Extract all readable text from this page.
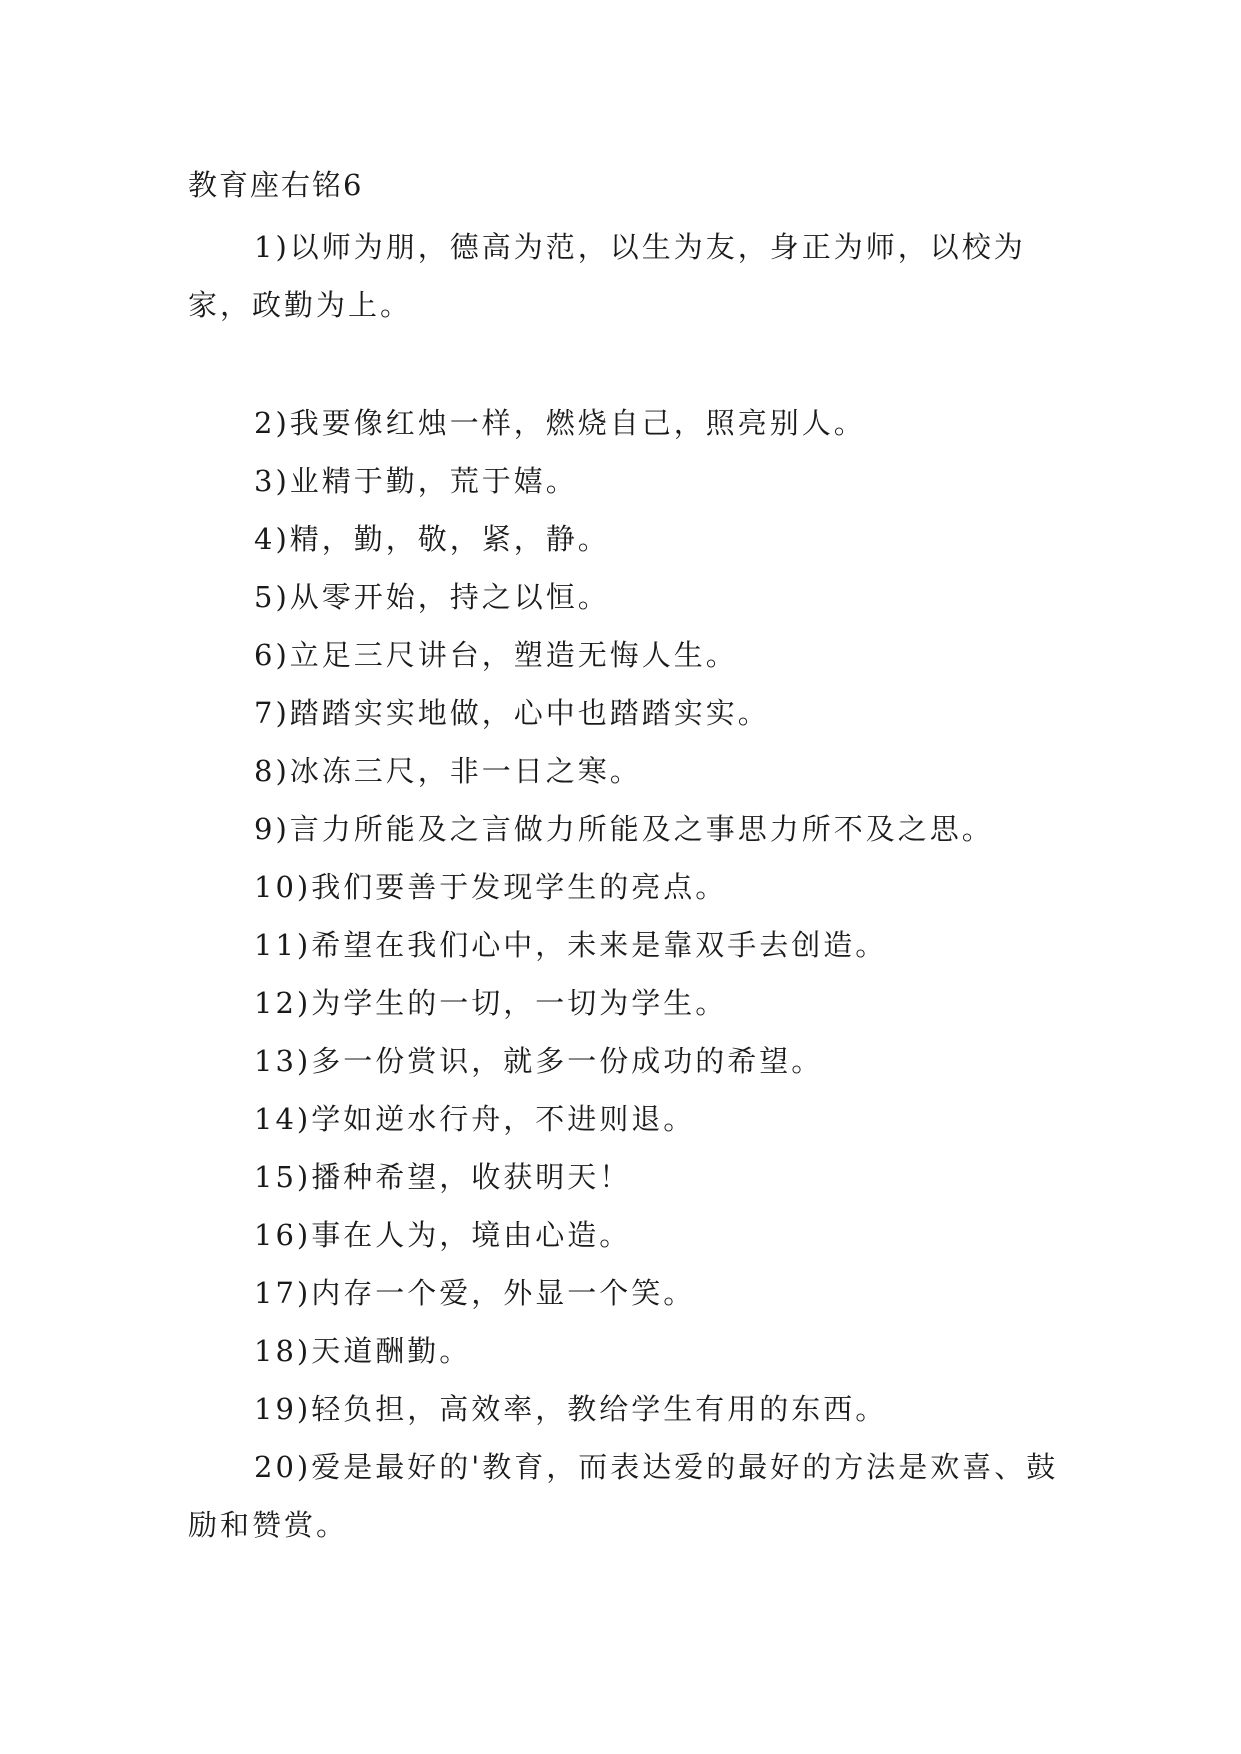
教育座右铭6

1)以师为朋，德高为范，以生为友，身正为师，以校为家，政勤为上。

2)我要像红烛一样，燃烧自己，照亮别人。

3)业精于勤，荒于嬉。

4)精，勤，敬，紧，静。

5)从零开始，持之以恒。

6)立足三尺讲台，塑造无悔人生。

7)踏踏实实地做，心中也踏踏实实。

8)冰冻三尺，非一日之寒。

9)言力所能及之言做力所能及之事思力所不及之思。

10)我们要善于发现学生的亮点。

11)希望在我们心中，未来是靠双手去创造。

12)为学生的一切，一切为学生。

13)多一份赏识，就多一份成功的希望。

14)学如逆水行舟，不进则退。

15)播种希望，收获明天！

16)事在人为，境由心造。

17)内存一个爱，外显一个笑。

18)天道酬勤。

19)轻负担，高效率，教给学生有用的东西。

20)爱是最好的'教育，而表达爱的最好的方法是欢喜、鼓励和赞赏。
